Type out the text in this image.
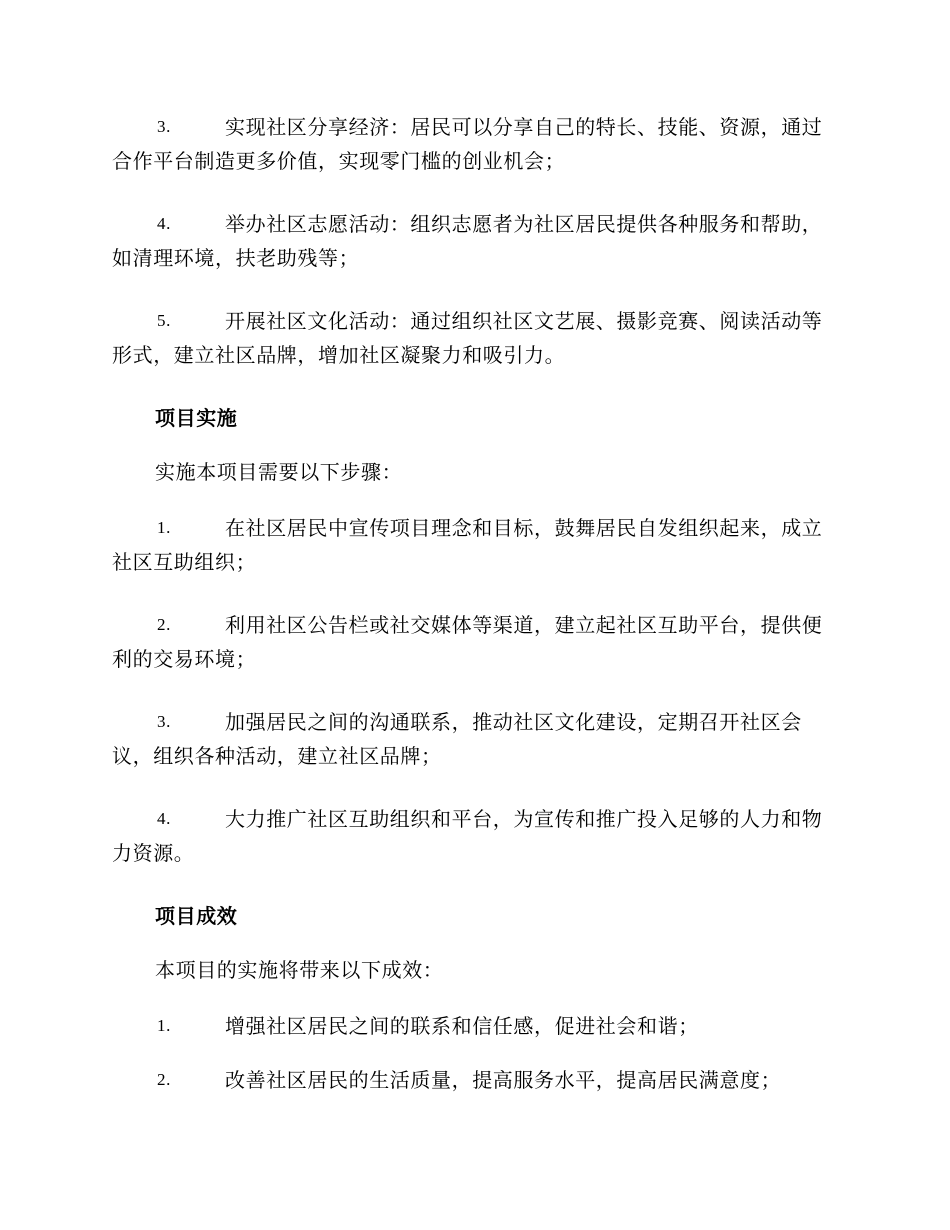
3.	实现社区分享经济：居民可以分享自己的特长、技能、资源，通过合作平台制造更多价值，实现零门槛的创业机会；
4.	举办社区志愿活动：组织志愿者为社区居民提供各种服务和帮助，如清理环境，扶老助残等；
5.	开展社区文化活动：通过组织社区文艺展、摄影竞赛、阅读活动等形式，建立社区品牌，增加社区凝聚力和吸引力。

项目实施

实施本项目需要以下步骤：

1.	在社区居民中宣传项目理念和目标，鼓舞居民自发组织起来，成立社区互助组织；
2.	利用社区公告栏或社交媒体等渠道，建立起社区互助平台，提供便利的交易环境；
3.	加强居民之间的沟通联系，推动社区文化建设，定期召开社区会议，组织各种活动，建立社区品牌；
4.	大力推广社区互助组织和平台，为宣传和推广投入足够的人力和物力资源。

项目成效

本项目的实施将带来以下成效：

1.	增强社区居民之间的联系和信任感，促进社会和谐；
2.	改善社区居民的生活质量，提高服务水平，提高居民满意度；
